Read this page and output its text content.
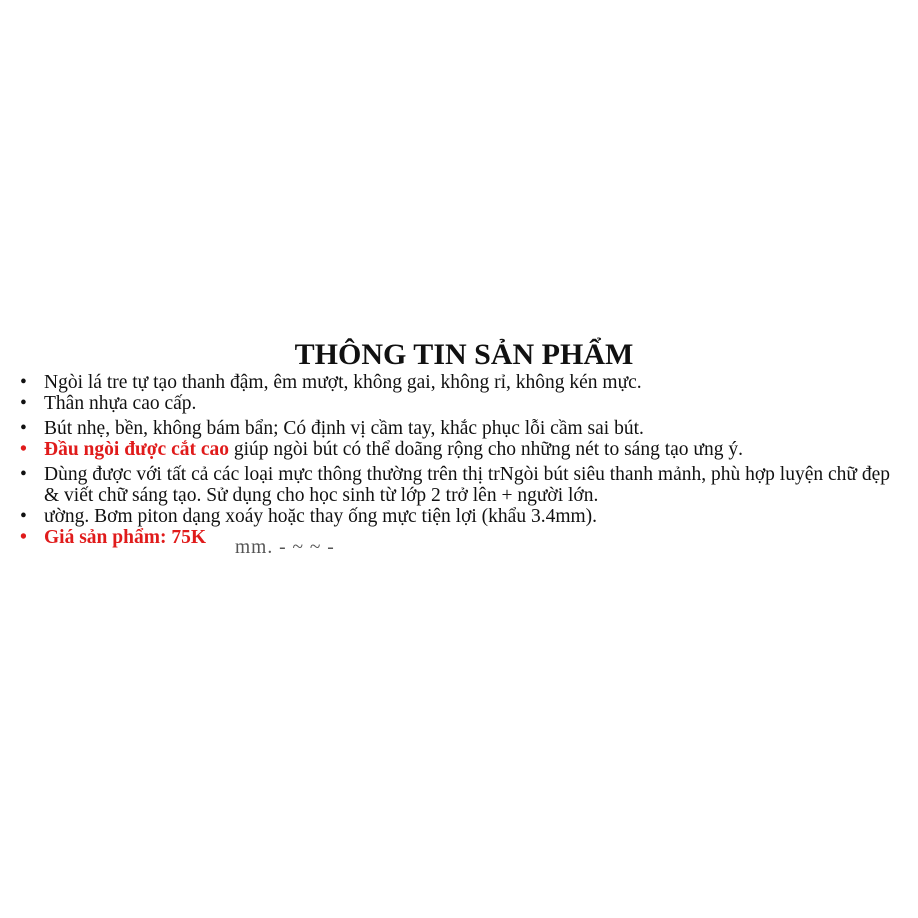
THÔNG TIN SẢN PHẨM
• Ngòi lá tre tự tạo thanh đậm, êm mượt, không gai, không rỉ, không kén mực.
• Thân nhựa cao cấp.
• Bút nhẹ, bền, không bám bẩn; Có định vị cầm tay, khắc phục lỗi cầm sai bút.
• Đầu ngòi được cắt cao giúp ngòi bút có thể doãng rộng cho những nét to sáng tạo ưng ý.
• Dùng được với tất cả các loại mực thông thường trên thị trNgòi bút siêu thanh mảnh, phù hợp luyện chữ đẹp & viết chữ sáng tạo. Sử dụng cho học sinh từ lớp 2 trở lên + người lớn.
• ường. Bơm piton dạng xoáy hoặc thay ống mực tiện lợi (khẩu 3.4mm).
• Giá sản phẩm: 75K	mm. - ~ ~ -
